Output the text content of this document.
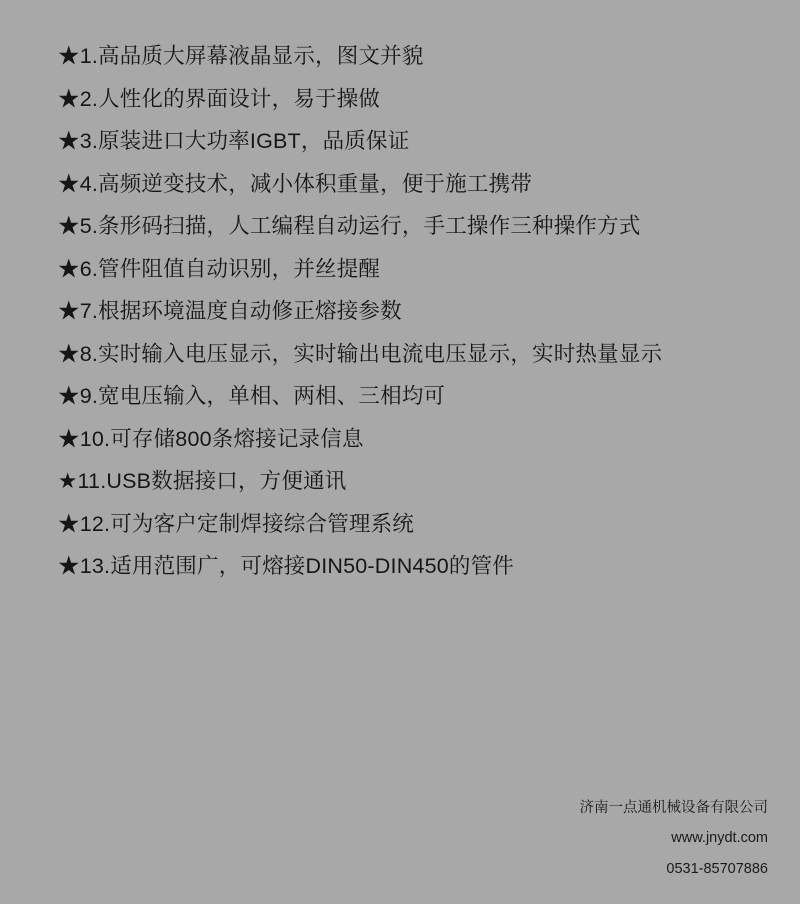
★1.高品质大屏幕液晶显示，图文并貌
★2.人性化的界面设计，易于操做
★3.原装进口大功率IGBT，品质保证
★4.高频逆变技术，减小体积重量，便于施工携带
★5.条形码扫描，人工编程自动运行，手工操作三种操作方式
★6.管件阻值自动识别，并丝提醒
★7.根据环境温度自动修正熔接参数
★8.实时输入电压显示，实时输出电流电压显示，实时热量显示
★9.宽电压输入，单相、两相、三相均可
★10.可存储800条熔接记录信息
★11.USB数据接口，方便通讯
★12.可为客户定制焊接综合管理系统
★13.适用范围广，可熔接DIN50-DIN450的管件
济南一点通机械设备有限公司
www.jnydt.com
0531-85707886
